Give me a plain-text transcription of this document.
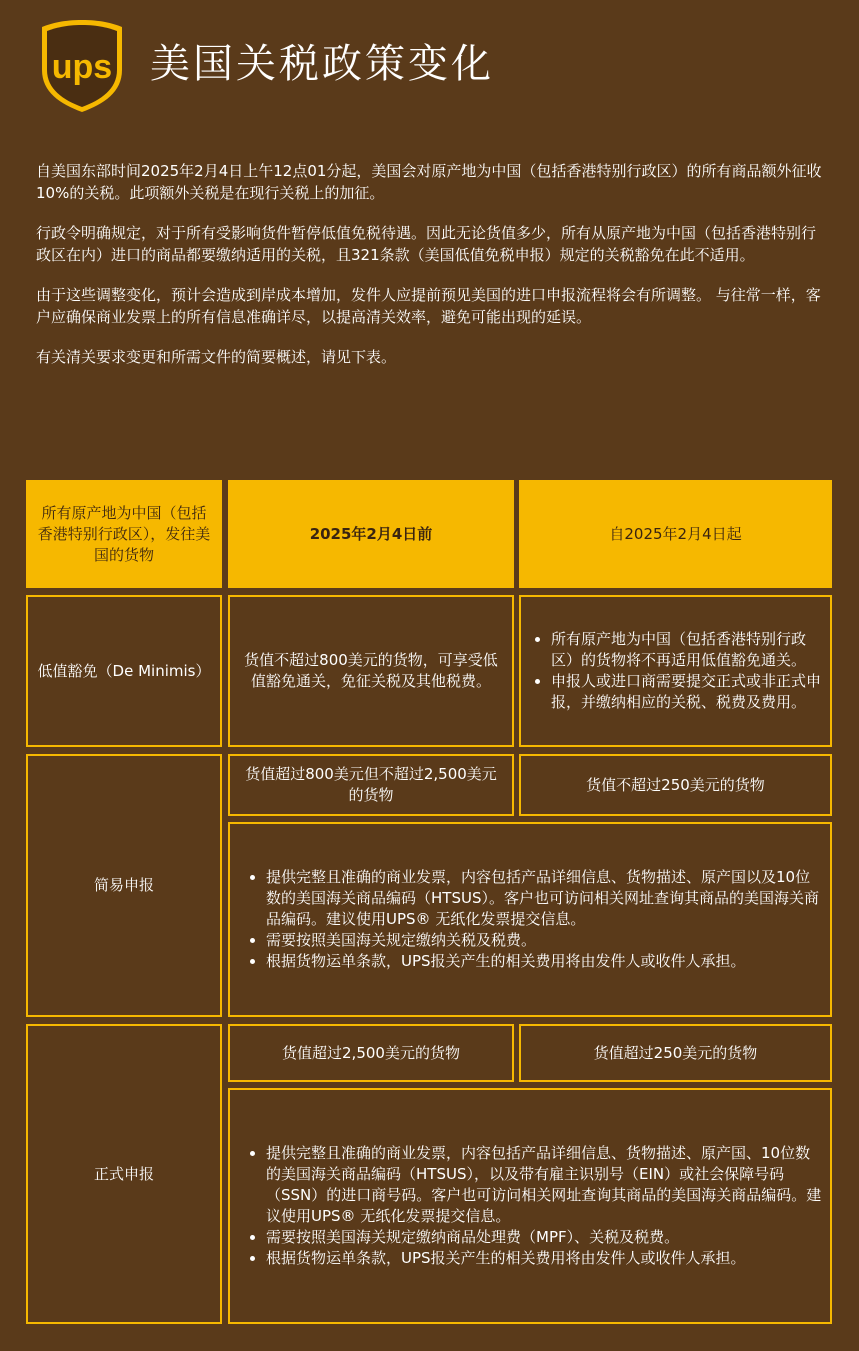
ups 美国关税政策变化

自美国东部时间2025年2月4日上午12点01分起，美国会对原产地为中国（包括香港特别行政区）的所有商品额外征收10%的关税。此项额外关税是在现行关税上的加征。

行政令明确规定，对于所有受影响货件暂停低值免税待遇。因此无论货值多少，所有从原产地为中国（包括香港特别行政区在内）进口的商品都要缴纳适用的关税，且321条款（美国低值免税申报）规定的关税豁免在此不适用。

由于这些调整变化，预计会造成到岸成本增加，发件人应提前预见美国的进口申报流程将会有所调整。 与往常一样，客户应确保商业发票上的所有信息准确详尽，以提高清关效率，避免可能出现的延误。

有关清关要求变更和所需文件的简要概述，请见下表。

所有原产地为中国（包括香港特别行政区），发往美国的货物
2025年2月4日前	自2025年2月4日起
低值豁免（De Minimis）
货值不超过800美元的货物，可享受低值豁免通关，免征关税及其他税费。
• 所有原产地为中国（包括香港特别行政区）的货物将不再适用低值豁免通关。
• 申报人或进口商需要提交正式或非正式申报，并缴纳相应的关税、税费及费用。
简易申报
货值超过800美元但不超过2,500美元的货物
货值不超过250美元的货物
• 提供完整且准确的商业发票，内容包括产品详细信息、货物描述、原产国以及10位数的美国海关商品编码（HTSUS）。客户也可访问相关网址查询其商品的美国海关商品编码。建议使用UPS® 无纸化发票提交信息。
• 需要按照美国海关规定缴纳关税及税费。
• 根据货物运单条款，UPS报关产生的相关费用将由发件人或收件人承担。
正式申报
货值超过2,500美元的货物	货值超过250美元的货物
• 提供完整且准确的商业发票，内容包括产品详细信息、货物描述、原产国、10位数的美国海关商品编码（HTSUS），以及带有雇主识别号（EIN）或社会保障号码（SSN）的进口商号码。客户也可访问相关网址查询其商品的美国海关商品编码。建议使用UPS® 无纸化发票提交信息。
• 需要按照美国海关规定缴纳商品处理费（MPF）、关税及税费。
• 根据货物运单条款，UPS报关产生的相关费用将由发件人或收件人承担。
